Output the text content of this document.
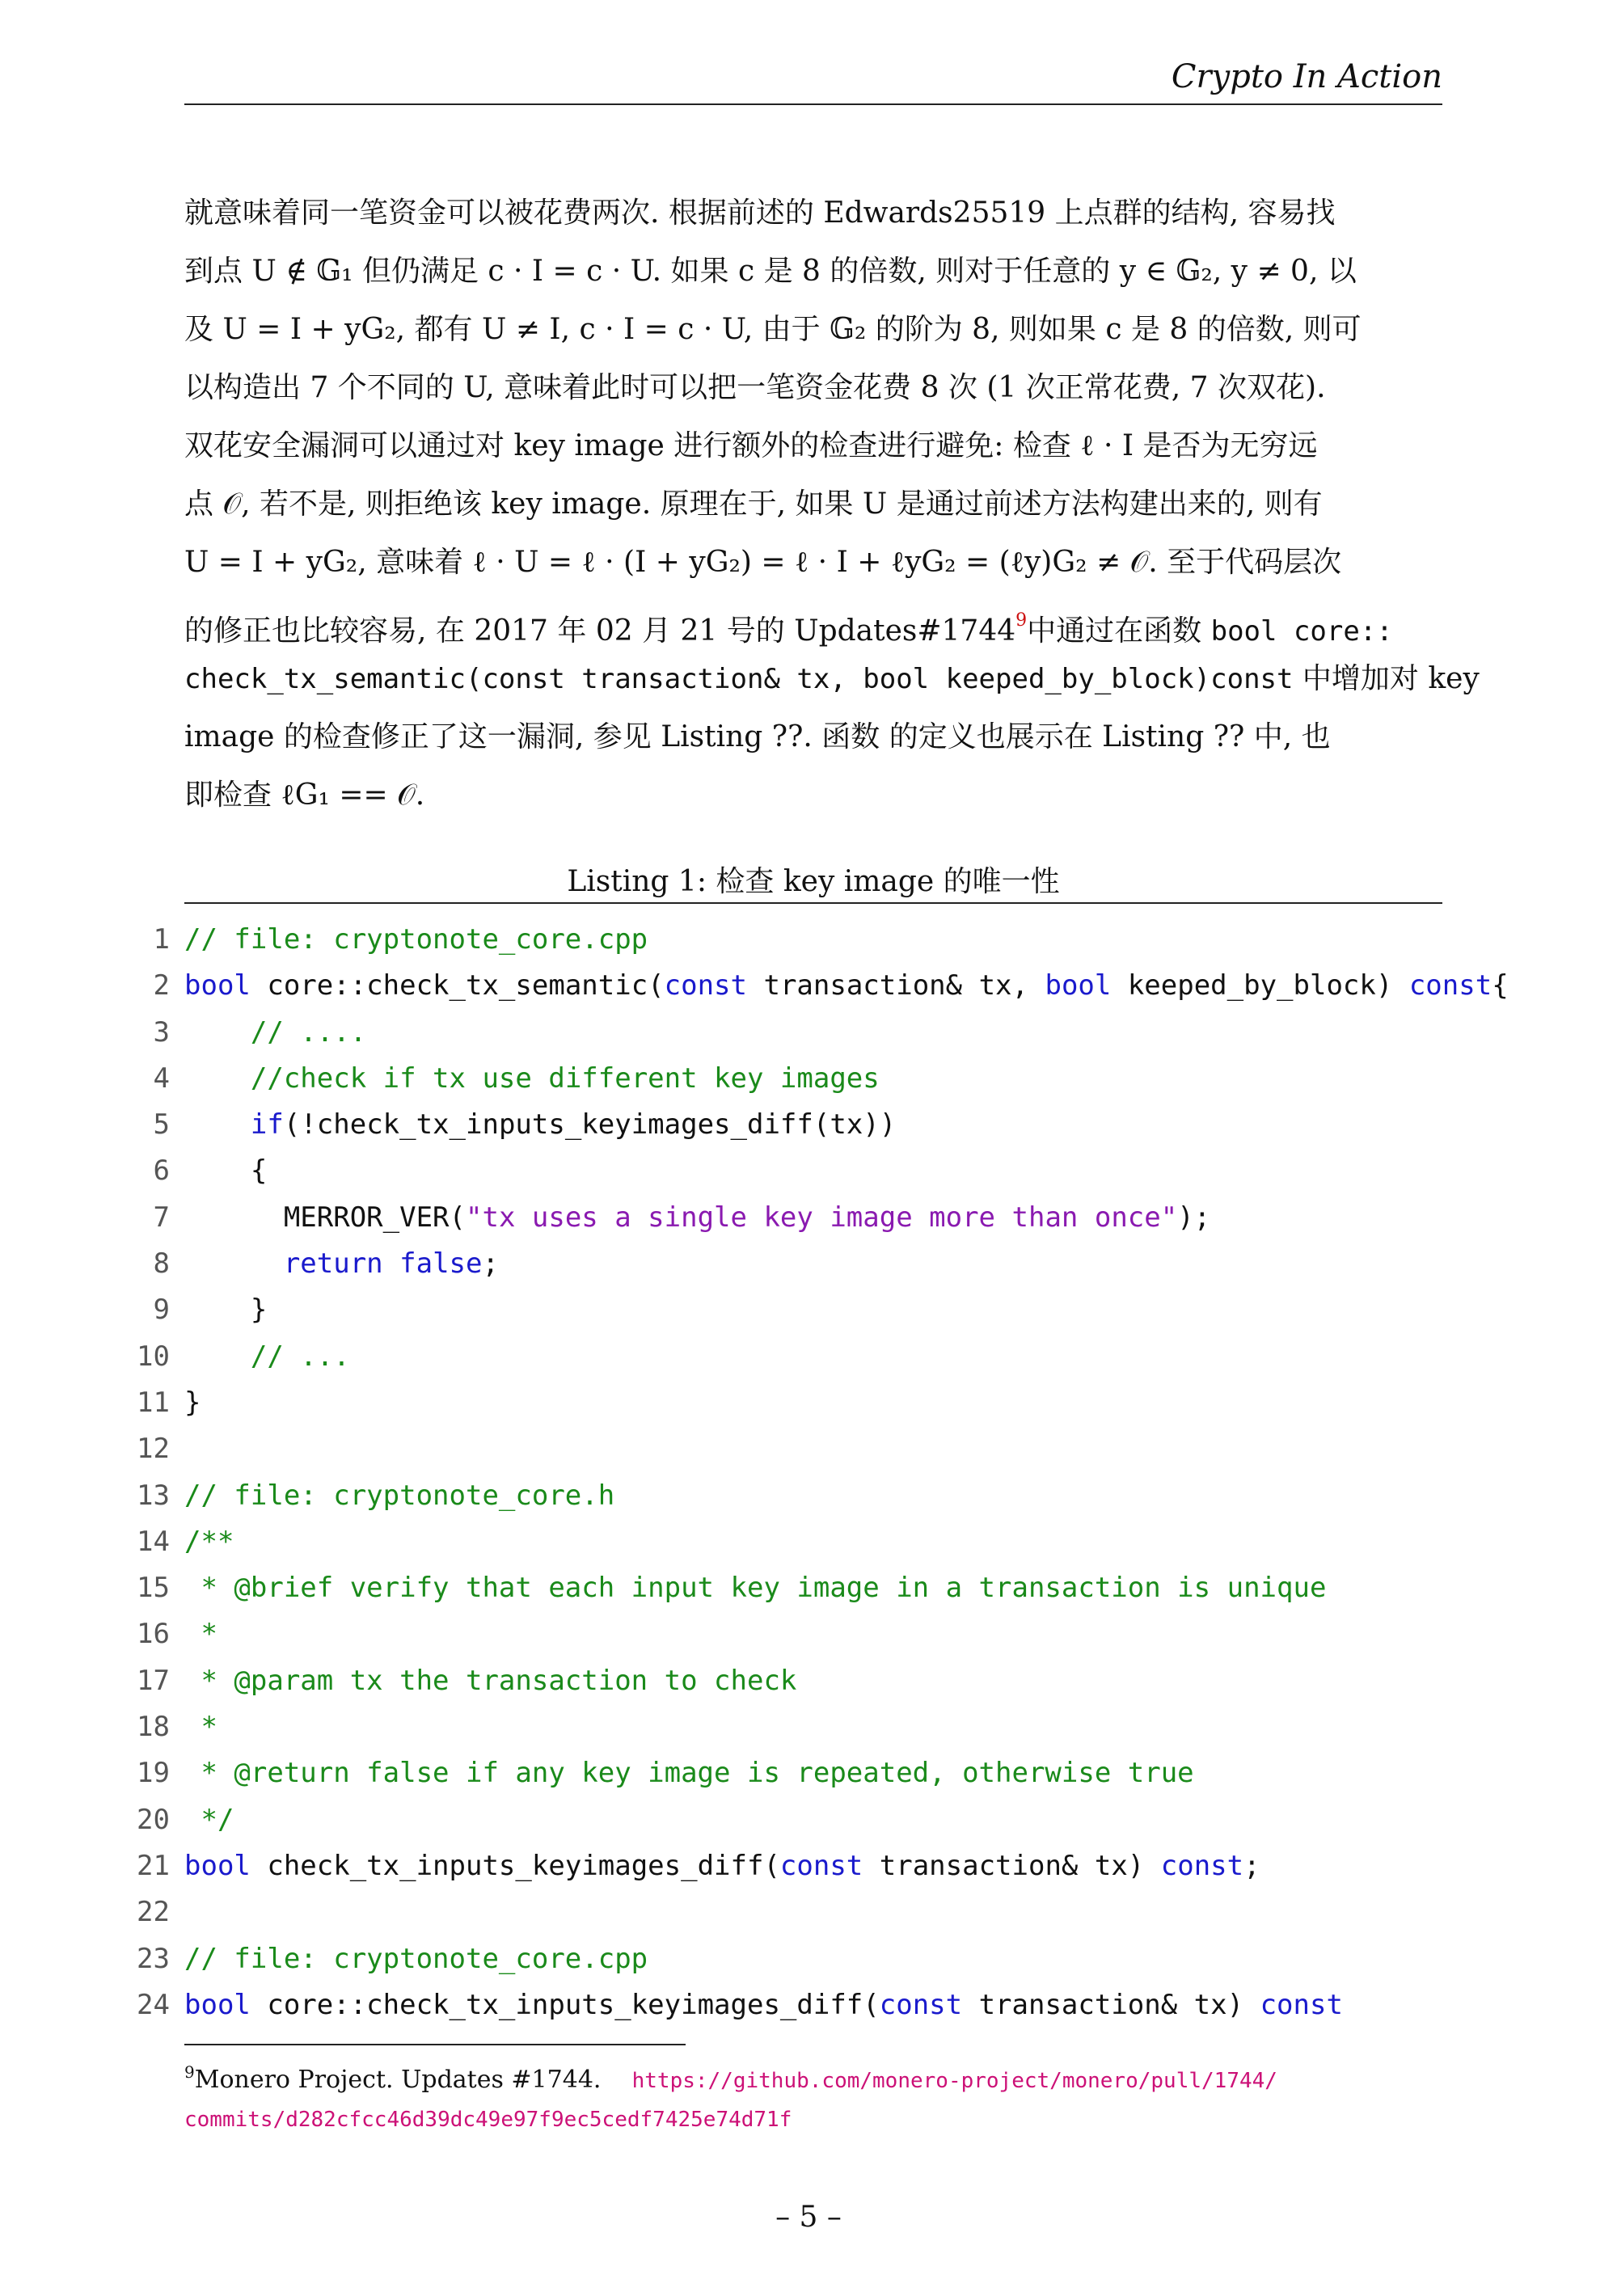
Crypto In Action
就意味着同一笔资金可以被花费两次. 根据前述的 Edwards25519 上点群的结构, 容易找
到点 U ∉ 𝔾₁ 但仍满足 c · I = c · U. 如果 c 是 8 的倍数, 则对于任意的 y ∈ 𝔾₂, y ≠ 0, 以
及 U = I + yG₂, 都有 U ≠ I, c · I = c · U, 由于 𝔾₂ 的阶为 8, 则如果 c 是 8 的倍数, 则可
以构造出 7 个不同的 U, 意味着此时可以把一笔资金花费 8 次 (1 次正常花费, 7 次双花).
双花安全漏洞可以通过对 key image 进行额外的检查进行避免: 检查 ℓ · I 是否为无穷远
点 𝒪, 若不是, 则拒绝该 key image. 原理在于, 如果 U 是通过前述方法构建出来的, 则有
U = I + yG₂, 意味着 ℓ · U = ℓ · (I + yG₂) = ℓ · I + ℓyG₂ = (ℓy)G₂ ≠ 𝒪. 至于代码层次
的修正也比较容易, 在 2017 年 02 月 21 号的 Updates#1744$^9$中通过在函数 bool core::
check_tx_semantic(const transaction& tx, bool keeped_by_block)const 中增加对 key
image 的检查修正了这一漏洞, 参见 Listing ??. 函数 的定义也展示在 Listing ?? 中, 也
即检查 ℓG₁ == 𝒪.
Listing 1: 检查 key image 的唯一性
1 // file: cryptonote_core.cpp
2 bool core::check_tx_semantic(const transaction& tx, bool keeped_by_block) const{
3	// ....
4	//check if tx use different key images
5	if(!check_tx_inputs_keyimages_diff(tx))
6 {
7 MERROR_VER("tx uses a single key image more than once");
8	return false;
9 }
10	// ...
11 }
12
13 // file: cryptonote_core.h
14 /**
15 * @brief verify that each input key image in a transaction is unique
16 *
17 * @param tx the transaction to check
18 *
19 * @return false if any key image is repeated, otherwise true
20 */
21 bool check_tx_inputs_keyimages_diff(const transaction& tx) const;
22
23 // file: cryptonote_core.cpp
24 bool core::check_tx_inputs_keyimages_diff(const transaction& tx) const
$^9$Monero Project. Updates #1744. https://github.com/monero-project/monero/pull/1744/
commits/d282cfcc46d39dc49e97f9ec5cedf7425e74d71f
– 5 –
